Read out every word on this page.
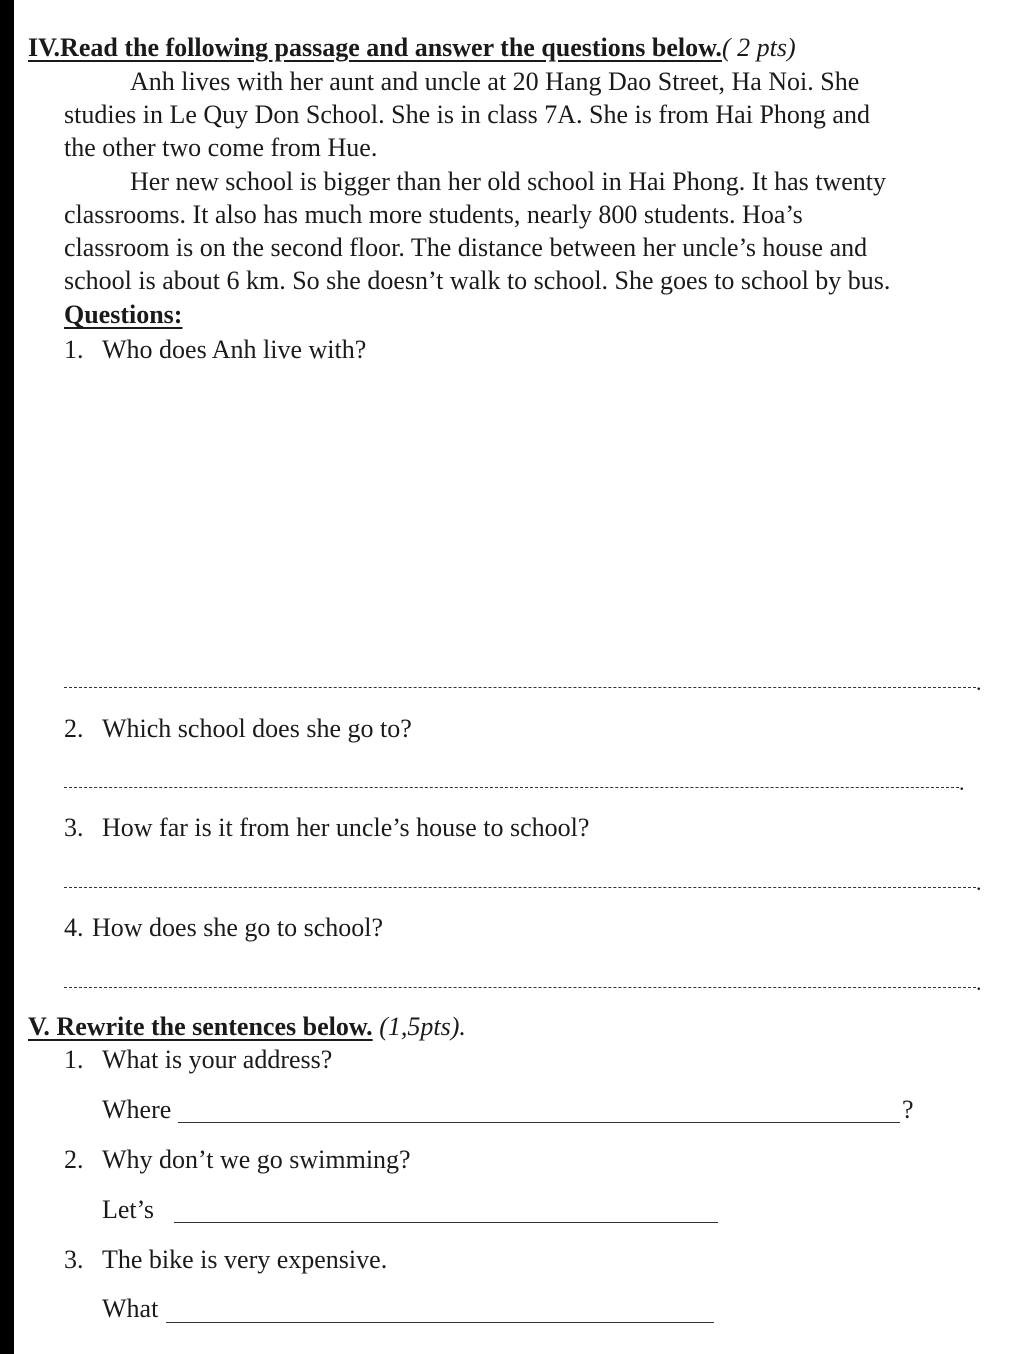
IV.Read the following passage and answer the questions below.( 2 pts)
Anh lives with her aunt and uncle at 20 Hang Dao Street, Ha Noi. She
studies in Le Quy Don School. She is in class 7A. She is from Hai Phong and
the other two come from Hue.
Her new school is bigger than her old school in Hai Phong. It has twenty
classrooms. It also has much more students, nearly 800 students. Hoa’s
classroom is on the second floor. The distance between her uncle’s house and
school is about 6 km. So she doesn’t walk to school. She goes to school by bus.
Questions:
1. Who does Anh live with?
.
2. Which school does she go to?
.
3. How far is it from her uncle’s house to school?
.
4. How does she go to school?
.
V. Rewrite the sentences below. (1,5pts).
1. What is your address?
Where	?
2. Why don’t we go swimming?
Let’s
3. The bike is very expensive.
What
